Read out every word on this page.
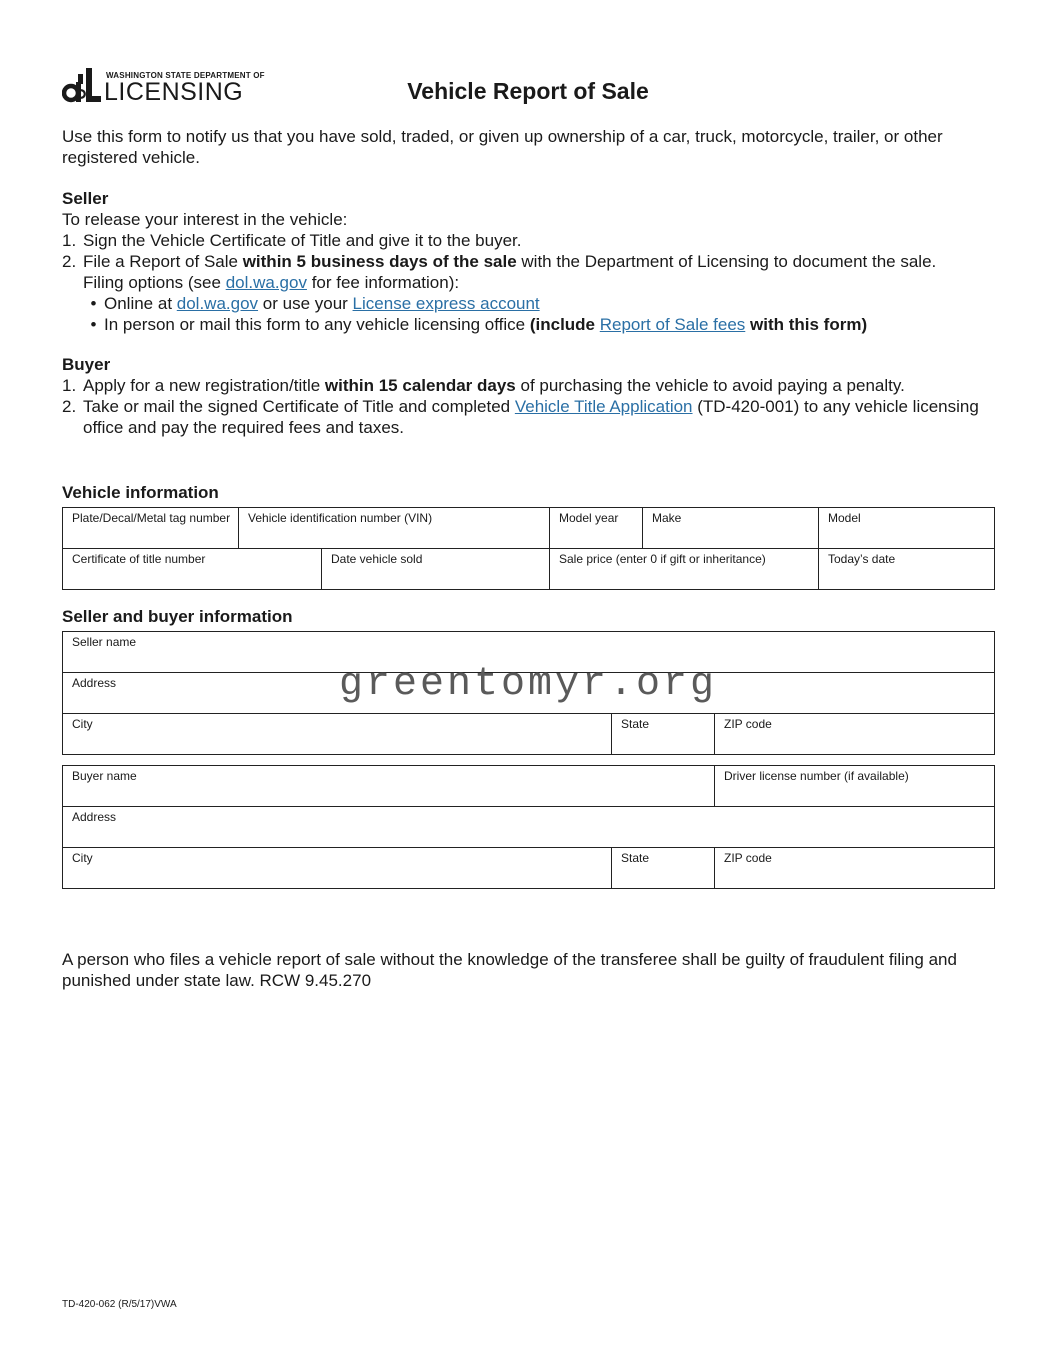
WASHINGTON STATE DEPARTMENT OF
LICENSING	Vehicle Report of Sale
Use this form to notify us that you have sold, traded, or given up ownership of a car, truck, motorcycle, trailer, or other registered vehicle.
Seller
To release your interest in the vehicle:
1. Sign the Vehicle Certificate of Title and give it to the buyer.
2. File a Report of Sale within 5 business days of the sale with the Department of Licensing to document the sale.
Filing options (see dol.wa.gov for fee information):
• Online at dol.wa.gov or use your License express account
• In person or mail this form to any vehicle licensing office (include Report of Sale fees with this form)
Buyer
1. Apply for a new registration/title within 15 calendar days of purchasing the vehicle to avoid paying a penalty.
2. Take or mail the signed Certificate of Title and completed Vehicle Title Application (TD-420-001) to any vehicle licensing office and pay the required fees and taxes.
Vehicle information
Plate/Decal/Metal tag number	Vehicle identification number (VIN)		Model year	Make	Model

Certificate of title number		Date vehicle sold	Sale price (enter 0 if gift or inheritance)		Today’s date
Seller and buyer information
Seller name

Address

City	State	ZIP code
Buyer name		Driver license number (if available)

Address		

City	State	ZIP code
greentomyr.org
A person who files a vehicle report of sale without the knowledge of the transferee shall be guilty of fraudulent filing and punished under state law. RCW 9.45.270
TD-420-062 (R/5/17)VWA
